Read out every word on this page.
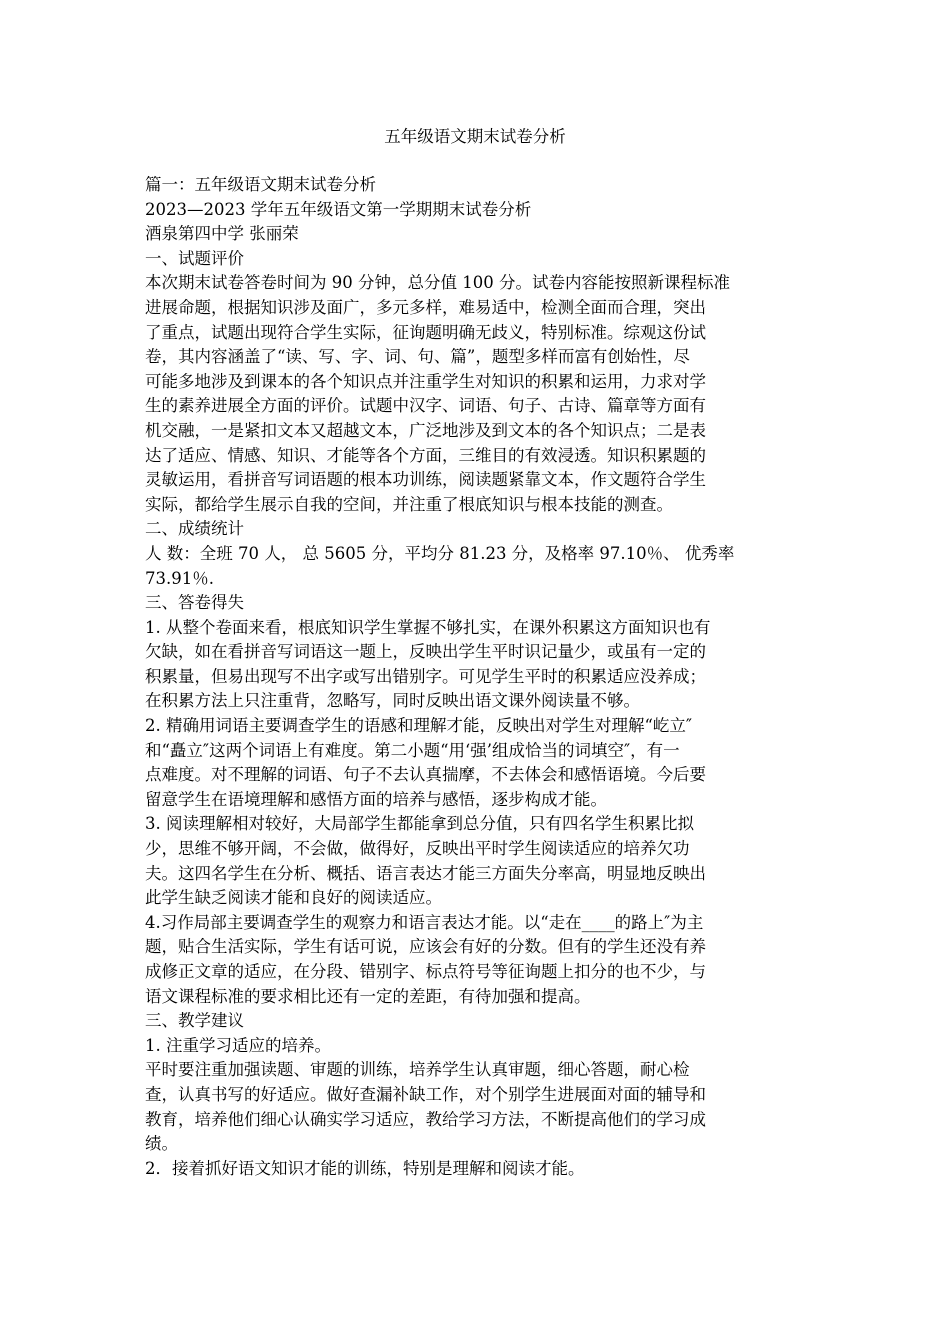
五年级语文期末试卷分析

篇一：五年级语文期末试卷分析

2023—2023 学年五年级语文第一学期期末试卷分析

酒泉第四中学 张丽荣

一、试题评价

本次期末试卷答卷时间为 90 分钟，总分值 100 分。试卷内容能按照新课程标准

进展命题，根据知识涉及面广，多元多样，难易适中，检测全面而合理，突出

了重点，试题出现符合学生实际，征询题明确无歧义，特别标准。综观这份试

卷，其内容涵盖了“读、写、字、词、句、篇”，题型多样而富有创始性，尽

可能多地涉及到课本的各个知识点并注重学生对知识的积累和运用，力求对学

生的素养进展全方面的评价。试题中汉字、词语、句子、古诗、篇章等方面有

机交融，一是紧扣文本又超越文本，广泛地涉及到文本的各个知识点；二是表

达了适应、情感、知识、才能等各个方面，三维目的有效浸透。知识积累题的

灵敏运用，看拼音写词语题的根本功训练，阅读题紧靠文本，作文题符合学生

实际，都给学生展示自我的空间，并注重了根底知识与根本技能的测查。

二、成绩统计

人 数：全班 70 人， 总 5605 分，平均分 81.23 分，及格率 97.10％、 优秀率

73.91％.

三、答卷得失

1. 从整个卷面来看，根底知识学生掌握不够扎实，在课外积累这方面知识也有

欠缺，如在看拼音写词语这一题上，反映出学生平时识记量少，或虽有一定的

积累量，但易出现写不出字或写出错别字。可见学生平时的积累适应没养成；

在积累方法上只注重背，忽略写，同时反映出语文课外阅读量不够。

2. 精确用词语主要调查学生的语感和理解才能，反映出对学生对理解“屹立″

和“矗立″这两个词语上有难度。第二小题“用‘强’组成恰当的词填空″，有一

点难度。对不理解的词语、句子不去认真揣摩，不去体会和感悟语境。今后要

留意学生在语境理解和感悟方面的培养与感悟，逐步构成才能。

3. 阅读理解相对较好，大局部学生都能拿到总分值，只有四名学生积累比拟

少，思维不够开阔，不会做，做得好，反映出平时学生阅读适应的培养欠功

夫。这四名学生在分析、概括、语言表达才能三方面失分率高，明显地反映出

此学生缺乏阅读才能和良好的阅读适应。

4.习作局部主要调查学生的观察力和语言表达才能。以“走在____的路上″为主

题，贴合生活实际，学生有话可说，应该会有好的分数。但有的学生还没有养

成修正文章的适应，在分段、错别字、标点符号等征询题上扣分的也不少，与

语文课程标准的要求相比还有一定的差距，有待加强和提高。

三、教学建议

1. 注重学习适应的培养。

平时要注重加强读题、审题的训练，培养学生认真审题，细心答题，耐心检

查，认真书写的好适应。做好查漏补缺工作，对个别学生进展面对面的辅导和

教育，培养他们细心认确实学习适应，教给学习方法，不断提高他们的学习成

绩。

2．接着抓好语文知识才能的训练，特别是理解和阅读才能。
